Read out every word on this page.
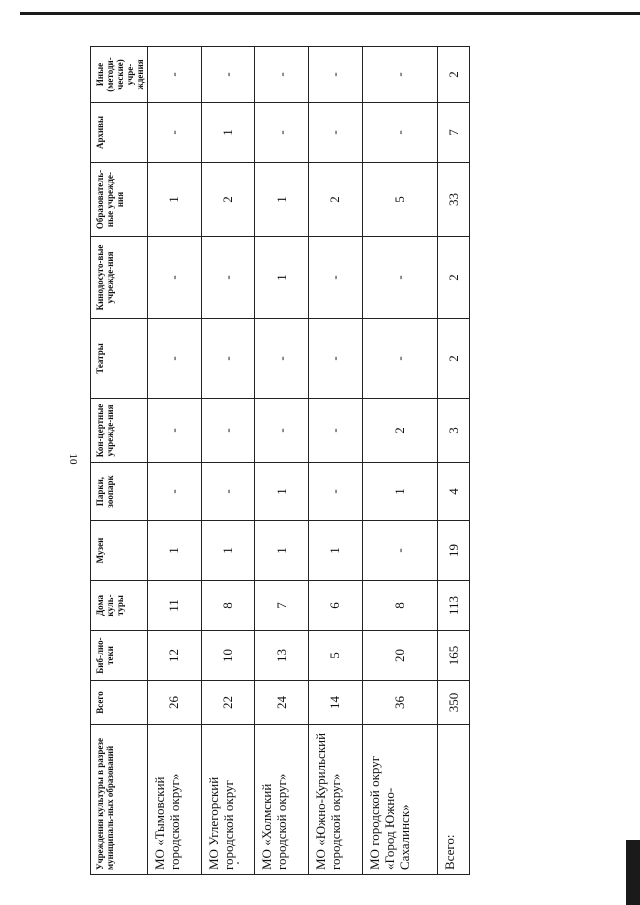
10
Учреждения культуры в разрезе муниципаль-ных образований	Всего	Биб-лио-теки	Дома куль-туры	Музеи	Парки, зоопарк	Кон-цертные учрежде-ния	Театры	Кинодосуго-вые учрежде-ния	Образователь-ные учрежде-ния	Архивы	Иные (методи-ческие) учре-ждения
МО «Тымовский городской округ»	26	12	11	1	-	-	-	-	1	-	-
МО Углегорский городской округ	22	10	8	1	-	-	-	-	2	1	-
МО «Холмский городской округ»	24	13	7	1	1	-	-	1	1	-	-
МО «Южно-Курильский городской округ»	14	5	6	1	-	-	-	-	2	-	-
МО городской округ «Город Южно-Сахалинск»	36	20	8	-	1	2	-	-	5	-	-
Всего:	350	165	113	19	4	3	2	2	33	7	2
